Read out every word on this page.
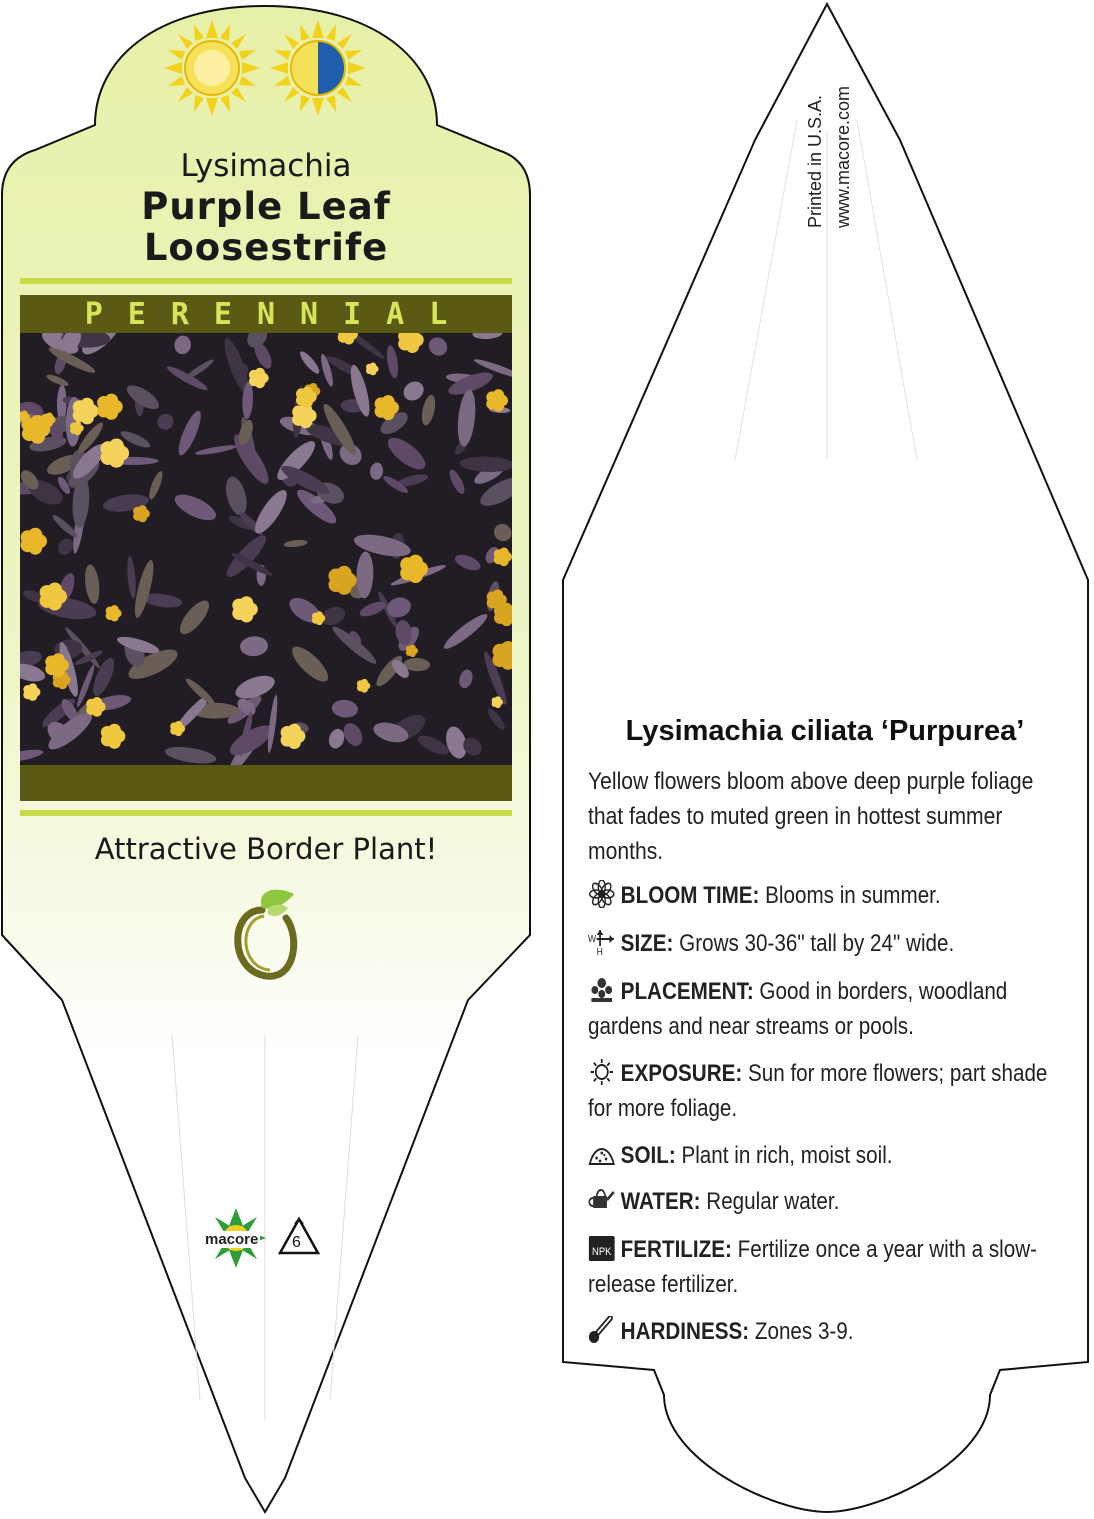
Lysimachia
Purple Leaf
Loosestrife
PERENNIAL
Attractive Border Plant!
macore 6
Printed in U.S.A. www.macore.com
Lysimachia ciliata ‘Purpurea’
Yellow flowers bloom above deep purple foliage that fades to muted green in hottest summer months.
BLOOM TIME: Blooms in summer.
W
H SIZE: Grows 30-36" tall by 24" wide.
PLACEMENT: Good in borders, woodland gardens and near streams or pools.
EXPOSURE: Sun for more flowers; part shade for more foliage.
SOIL: Plant in rich, moist soil.
WATER: Regular water.
NPK FERTILIZE: Fertilize once a year with a slow-release fertilizer.
HARDINESS: Zones 3-9.
